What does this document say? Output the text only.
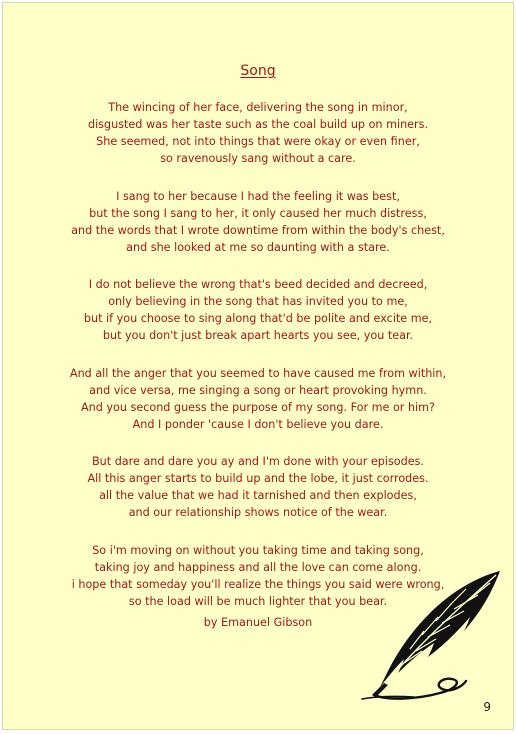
Song
The wincing of her face, delivering the song in minor,
disgusted was her taste such as the coal build up on miners.
She seemed, not into things that were okay or even finer,
so ravenously sang without a care.
I sang to her because I had the feeling it was best,
but the song I sang to her, it only caused her much distress,
and the words that I wrote downtime from within the body's chest,
and she looked at me so daunting with a stare.
I do not believe the wrong that's beed decided and decreed,
only believing in the song that has invited you to me,
but if you choose to sing along that'd be polite and excite me,
but you don't just break apart hearts you see, you tear.
And all the anger that you seemed to have caused me from within,
and vice versa, me singing a song or heart provoking hymn.
And you second guess the purpose of my song. For me or him?
And I ponder 'cause I don't believe you dare.
But dare and dare you ay and I'm done with your episodes.
All this anger starts to build up and the lobe, it just corrodes.
all the value that we had it tarnished and then explodes,
and our relationship shows notice of the wear.
So i'm moving on without you taking time and taking song,
taking joy and happiness and all the love can come along.
i hope that someday you'll realize the things you said were wrong,
so the load will be much lighter that you bear.
by Emanuel Gibson
9
